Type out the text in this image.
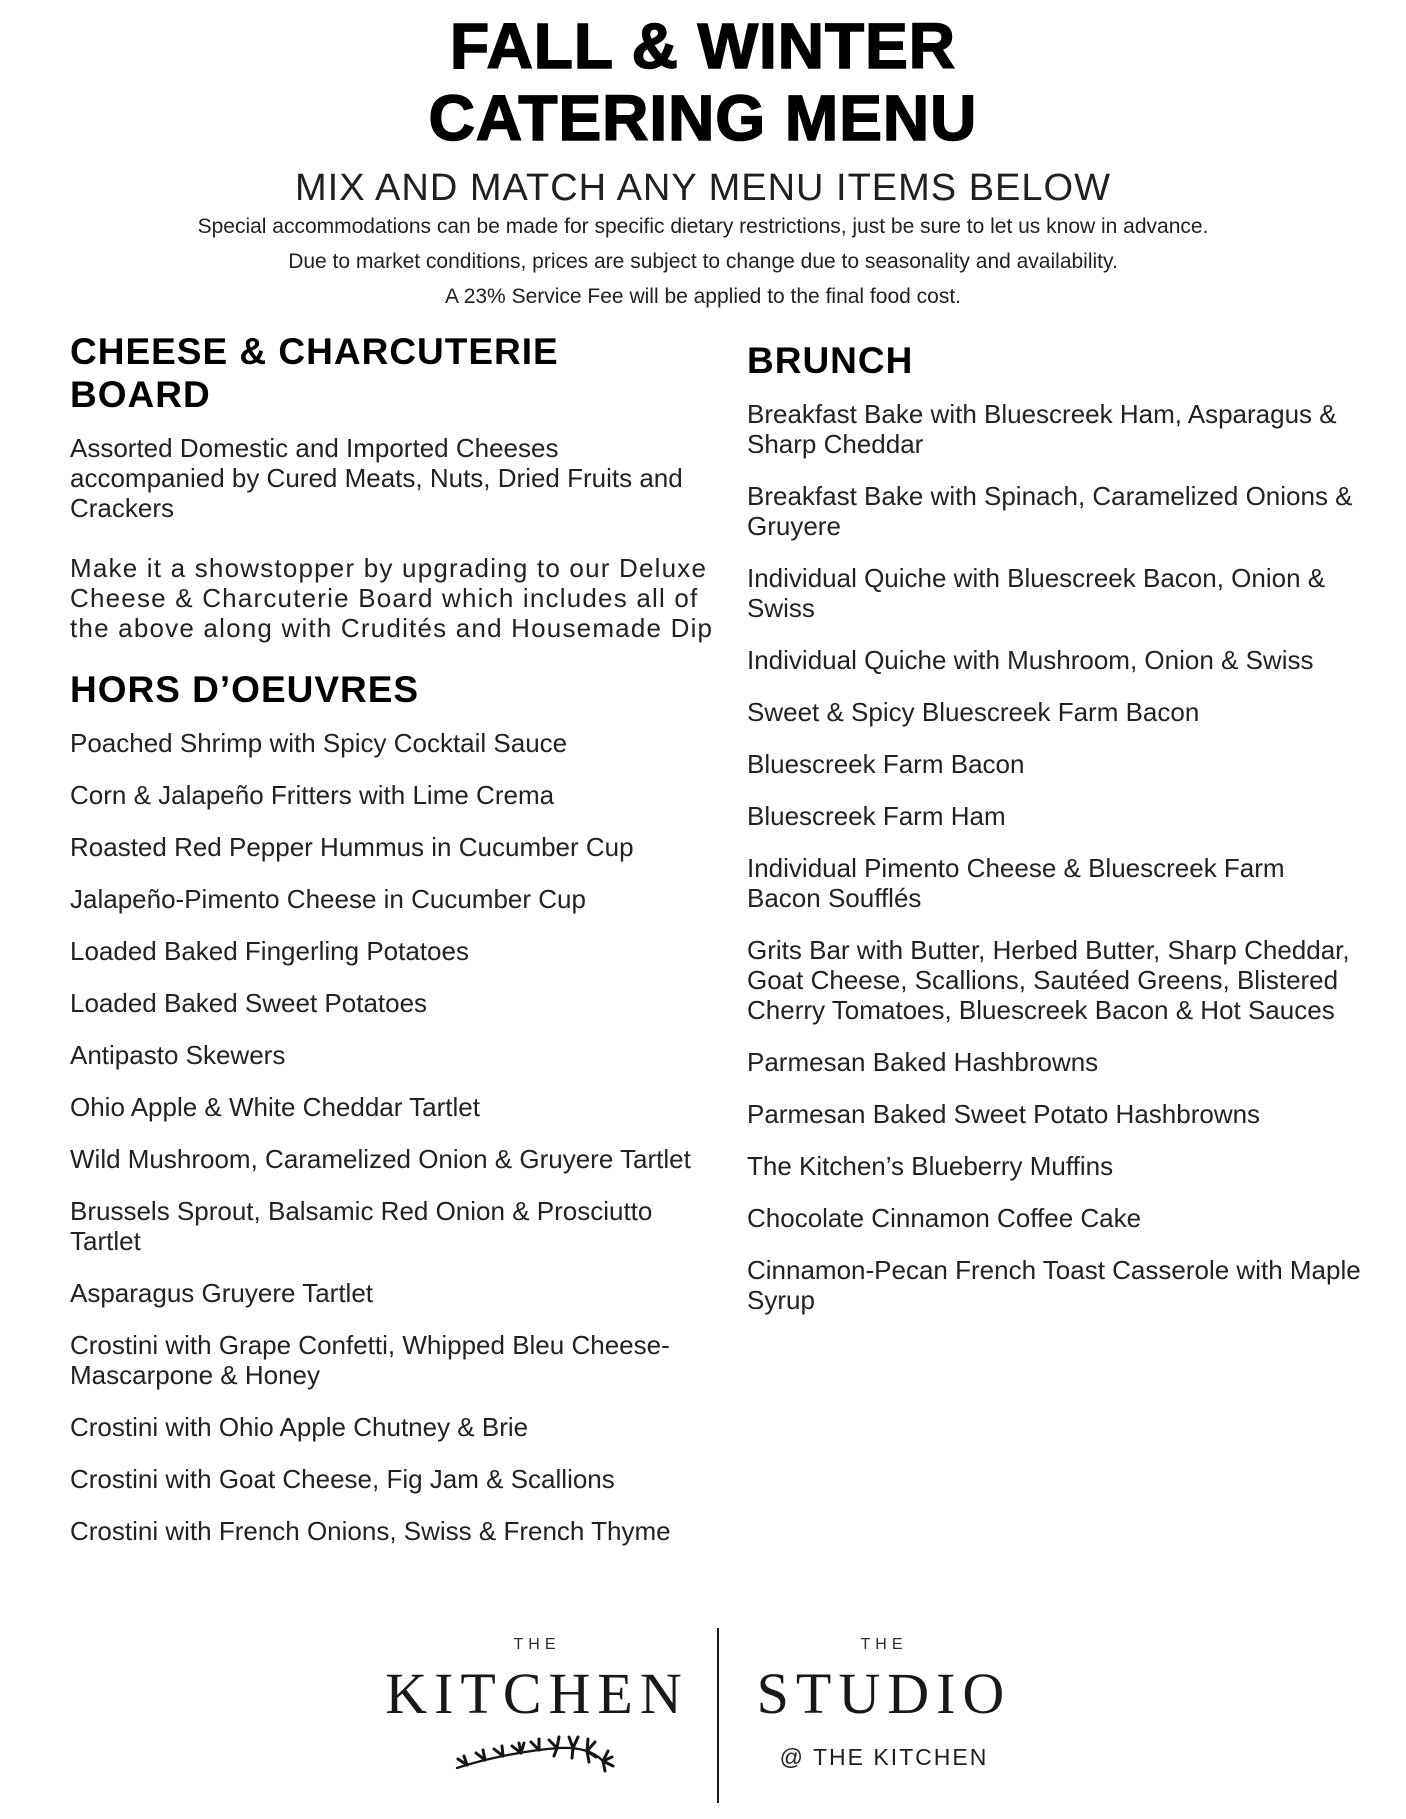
FALL & WINTER
CATERING MENU
MIX AND MATCH ANY MENU ITEMS BELOW

Special accommodations can be made for specific dietary restrictions, just be sure to let us know in advance.

Due to market conditions, prices are subject to change due to seasonality and availability.

A 23% Service Fee will be applied to the final food cost.

CHEESE & CHARCUTERIE BOARD

Assorted Domestic and Imported Cheeses accompanied by Cured Meats, Nuts, Dried Fruits and Crackers

Make it a showstopper by upgrading to our Deluxe Cheese & Charcuterie Board which includes all of the above along with Crudités and Housemade Dip

HORS D’OEUVRES

Poached Shrimp with Spicy Cocktail Sauce

Corn & Jalapeño Fritters with Lime Crema

Roasted Red Pepper Hummus in Cucumber Cup

Jalapeño-Pimento Cheese in Cucumber Cup

Loaded Baked Fingerling Potatoes

Loaded Baked Sweet Potatoes

Antipasto Skewers

Ohio Apple & White Cheddar Tartlet

Wild Mushroom, Caramelized Onion & Gruyere Tartlet

Brussels Sprout, Balsamic Red Onion & Prosciutto Tartlet

Asparagus Gruyere Tartlet

Crostini with Grape Confetti, Whipped Bleu Cheese-Mascarpone & Honey

Crostini with Ohio Apple Chutney & Brie

Crostini with Goat Cheese, Fig Jam & Scallions

Crostini with French Onions, Swiss & French Thyme

BRUNCH

Breakfast Bake with Bluescreek Ham, Asparagus & Sharp Cheddar

Breakfast Bake with Spinach, Caramelized Onions & Gruyere

Individual Quiche with Bluescreek Bacon, Onion & Swiss

Individual Quiche with Mushroom, Onion & Swiss

Sweet & Spicy Bluescreek Farm Bacon

Bluescreek Farm Bacon

Bluescreek Farm Ham

Individual Pimento Cheese & Bluescreek Farm Bacon Soufflés

Grits Bar with Butter, Herbed Butter, Sharp Cheddar, Goat Cheese, Scallions, Sautéed Greens, Blistered Cherry Tomatoes, Bluescreek Bacon & Hot Sauces

Parmesan Baked Hashbrowns

Parmesan Baked Sweet Potato Hashbrowns

The Kitchen’s Blueberry Muffins

Chocolate Cinnamon Coffee Cake

Cinnamon-Pecan French Toast Casserole with Maple Syrup

THE
KITCHEN
THE
STUDIO
@ THE KITCHEN
